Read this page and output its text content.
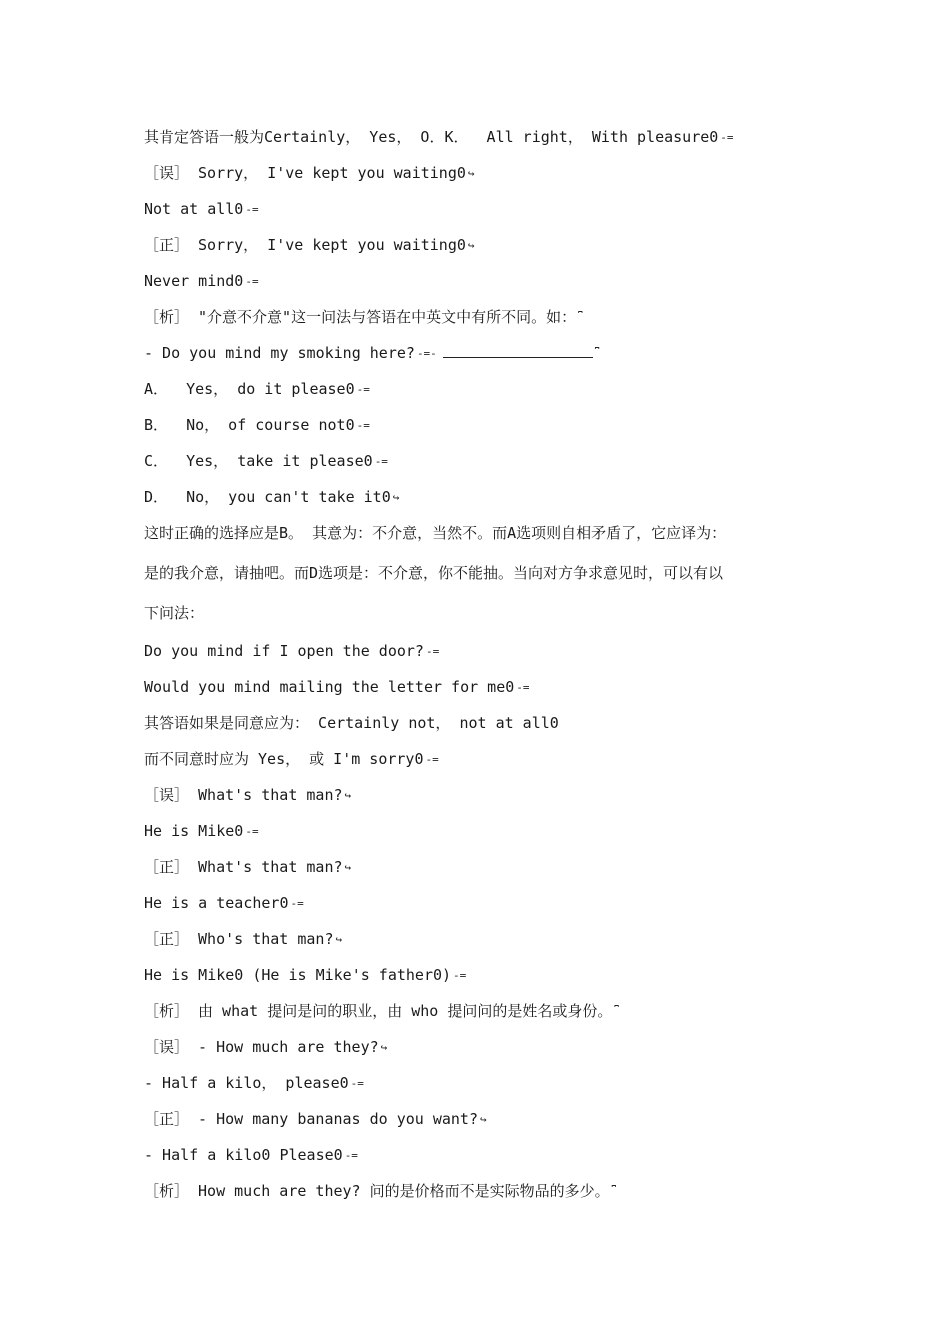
其肯定答语一般为Certainly， Yes， O．K．  All right， With pleasure0 -=
［误］ Sorry， I've kept you waiting0 ↪
Not at all0 -=
［正］ Sorry， I've kept you waiting0 ↪
Never mind0 -=
［析］ "介意不介意"这一问法与答语在中英文中有所不同。如： ⎴
- Do you mind my smoking here? -=-	⎴
A．  Yes， do it please0 -=
B．  No， of course not0 -=
C．  Yes， take it please0 -=
D．  No， you can't take it0 ↪
这时正确的选择应是B。 其意为：不介意，当然不。而A选项则自相矛盾了，它应译为：
是的我介意，请抽吧。而D选项是：不介意，你不能抽。当向对方争求意见时，可以有以
下问法：
Do you mind if I open the door? -=
Would you mind mailing the letter for me0 -=
其答语如果是同意应为： Certainly not， not at all0
而不同意时应为 Yes， 或 I'm sorry0 -=
［误］ What's that man? ↪
He is Mike0 -=
［正］ What's that man? ↪
He is a teacher0 -=
［正］ Who's that man? ↪
He is Mike0 (He is Mike's father0) -=
［析］ 由 what 提问是问的职业，由 who 提问问的是姓名或身份。 ⎴
［误］ - How much are they? ↪
- Half a kilo， please0 -=
［正］ - How many bananas do you want? ↪
- Half a kilo0 Please0 -=
［析］ How much are they? 问的是价格而不是实际物品的多少。 ⎴
